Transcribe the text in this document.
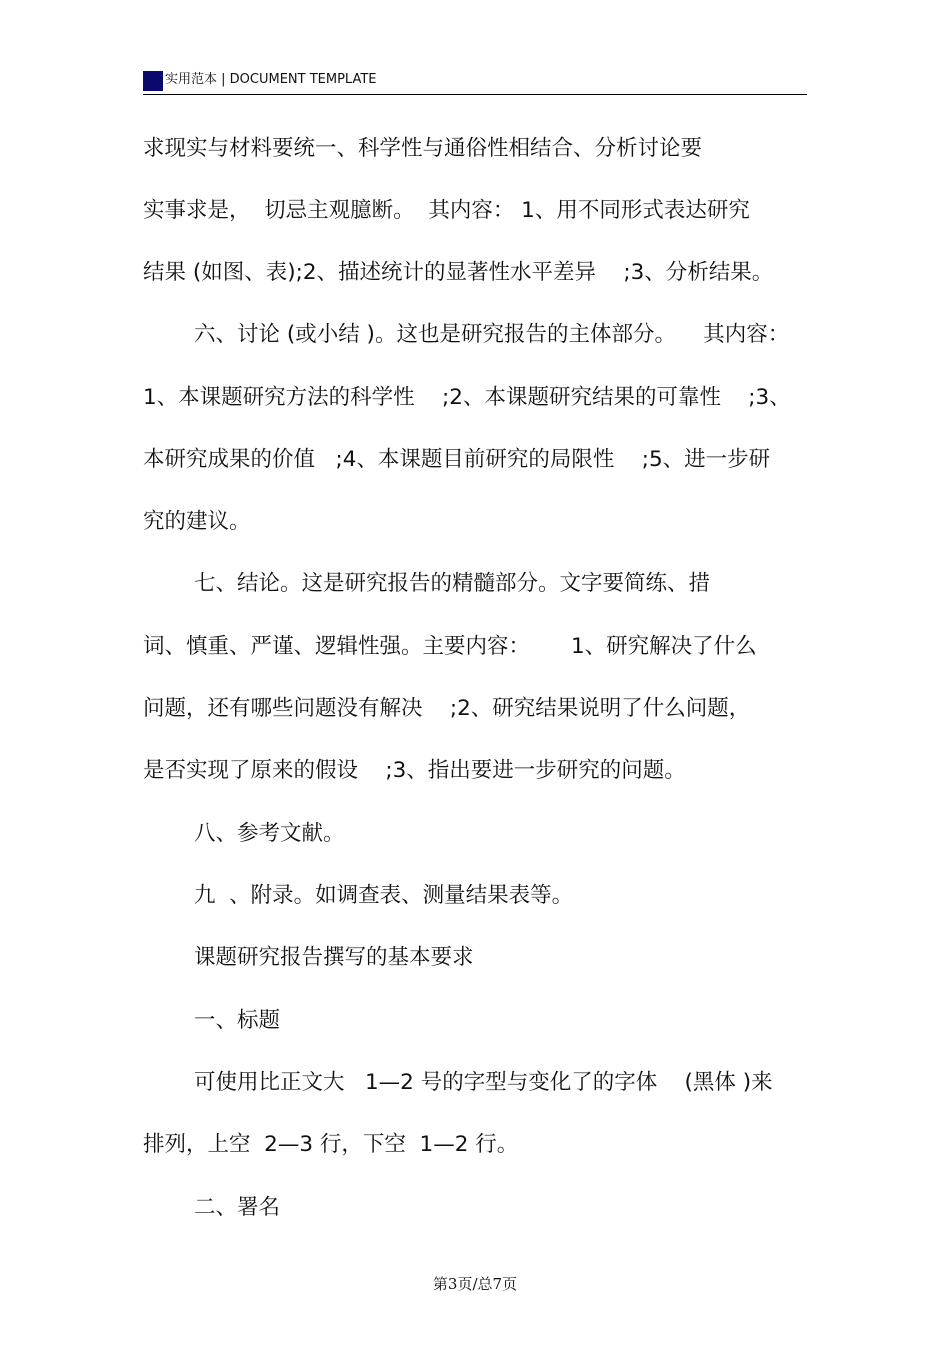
实用范本 | DOCUMENT TEMPLATE
求现实与材料要统一、科学性与通俗性相结合、分析讨论要
实事求是，  切忌主观臆断。  其内容： 1、用不同形式表达研究
结果 (如图、表);2、描述统计的显著性水平差异    ;3、分析结果。
六、讨论 (或小结 )。这也是研究报告的主体部分。    其内容：
1、本课题研究方法的科学性    ;2、本课题研究结果的可靠性    ;3、
本研究成果的价值   ;4、本课题目前研究的局限性    ;5、进一步研
究的建议。
七、结论。这是研究报告的精髓部分。文字要简练、措
词、慎重、严谨、逻辑性强。主要内容：      1、研究解决了什么
问题，还有哪些问题没有解决    ;2、研究结果说明了什么问题，
是否实现了原来的假设    ;3、指出要进一步研究的问题。
八、参考文献。
九  、附录。如调查表、测量结果表等。
课题研究报告撰写的基本要求
一、标题
可使用比正文大   1—2 号的字型与变化了的字体    (黑体 )来
排列，上空  2—3 行，下空  1—2 行。
二、署名
第3页/总7页
